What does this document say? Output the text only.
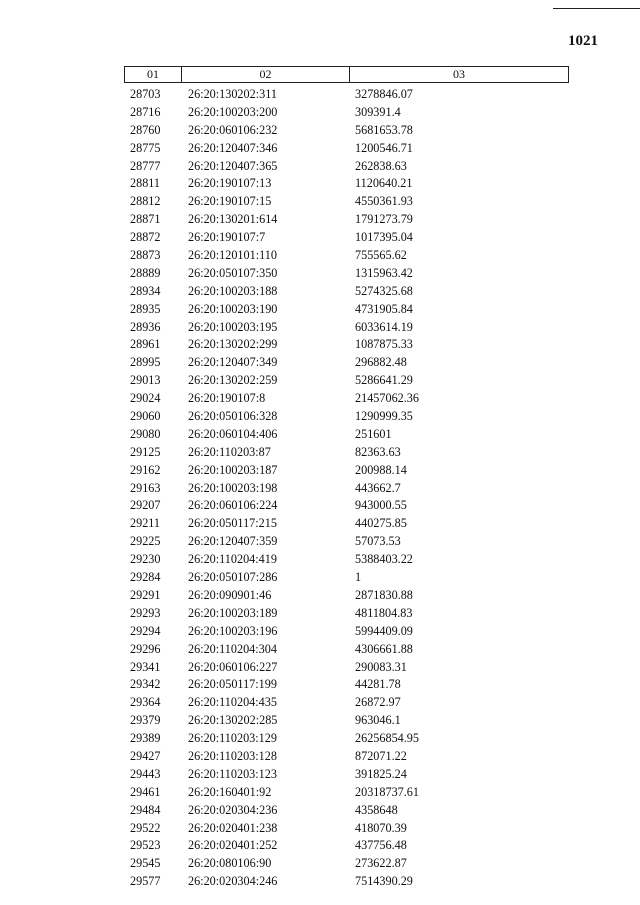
1021
01	02	03
28703 26:20:130202:311	3278846.07
28716 26:20:100203:200	309391.4
28760 26:20:060106:232	5681653.78
28775 26:20:120407:346	1200546.71
28777 26:20:120407:365	262838.63
28811 26:20:190107:13	1120640.21
28812 26:20:190107:15	4550361.93
28871 26:20:130201:614	1791273.79
28872 26:20:190107:7	1017395.04
28873 26:20:120101:110	755565.62
28889 26:20:050107:350	1315963.42
28934 26:20:100203:188	5274325.68
28935 26:20:100203:190	4731905.84
28936 26:20:100203:195	6033614.19
28961 26:20:130202:299	1087875.33
28995 26:20:120407:349	296882.48
29013 26:20:130202:259	5286641.29
29024 26:20:190107:8	21457062.36
29060 26:20:050106:328	1290999.35
29080 26:20:060104:406	251601
29125 26:20:110203:87	82363.63
29162 26:20:100203:187	200988.14
29163 26:20:100203:198	443662.7
29207 26:20:060106:224	943000.55
29211 26:20:050117:215	440275.85
29225 26:20:120407:359	57073.53
29230 26:20:110204:419	5388403.22
29284 26:20:050107:286	1
29291 26:20:090901:46	2871830.88
29293 26:20:100203:189	4811804.83
29294 26:20:100203:196	5994409.09
29296 26:20:110204:304	4306661.88
29341 26:20:060106:227	290083.31
29342 26:20:050117:199	44281.78
29364 26:20:110204:435	26872.97
29379 26:20:130202:285	963046.1
29389 26:20:110203:129	26256854.95
29427 26:20:110203:128	872071.22
29443 26:20:110203:123	391825.24
29461 26:20:160401:92	20318737.61
29484 26:20:020304:236	4358648
29522 26:20:020401:238	418070.39
29523 26:20:020401:252	437756.48
29545 26:20:080106:90	273622.87
29577 26:20:020304:246	7514390.29
